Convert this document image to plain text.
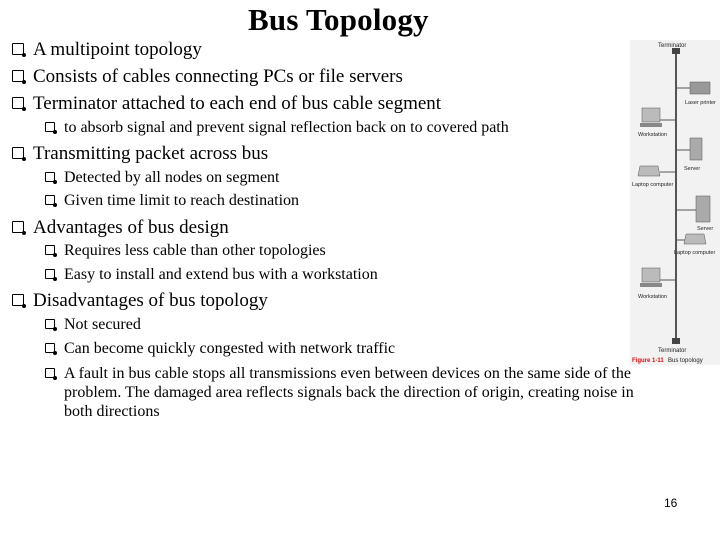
Bus Topology
A multipoint topology
Consists of cables connecting PCs or file servers
Terminator attached to each end of bus cable segment
to absorb signal and prevent signal reflection back on to covered path
Transmitting packet across bus
Detected by all nodes on segment
Given time limit to reach destination
Advantages of bus design
Requires less cable than other topologies
Easy to install and extend bus with a workstation
Disadvantages of bus topology
Not secured
Can become quickly congested with network traffic
A fault in bus cable stops all transmissions even between devices on the same side of the problem. The damaged area reflects signals back the direction of origin, creating noise in both directions
Terminator
Laser printer
Workstation
Server
Laptop computer
Server
Laptop computer
Workstation
Terminator
Figure 1-11 Bus topology
16
